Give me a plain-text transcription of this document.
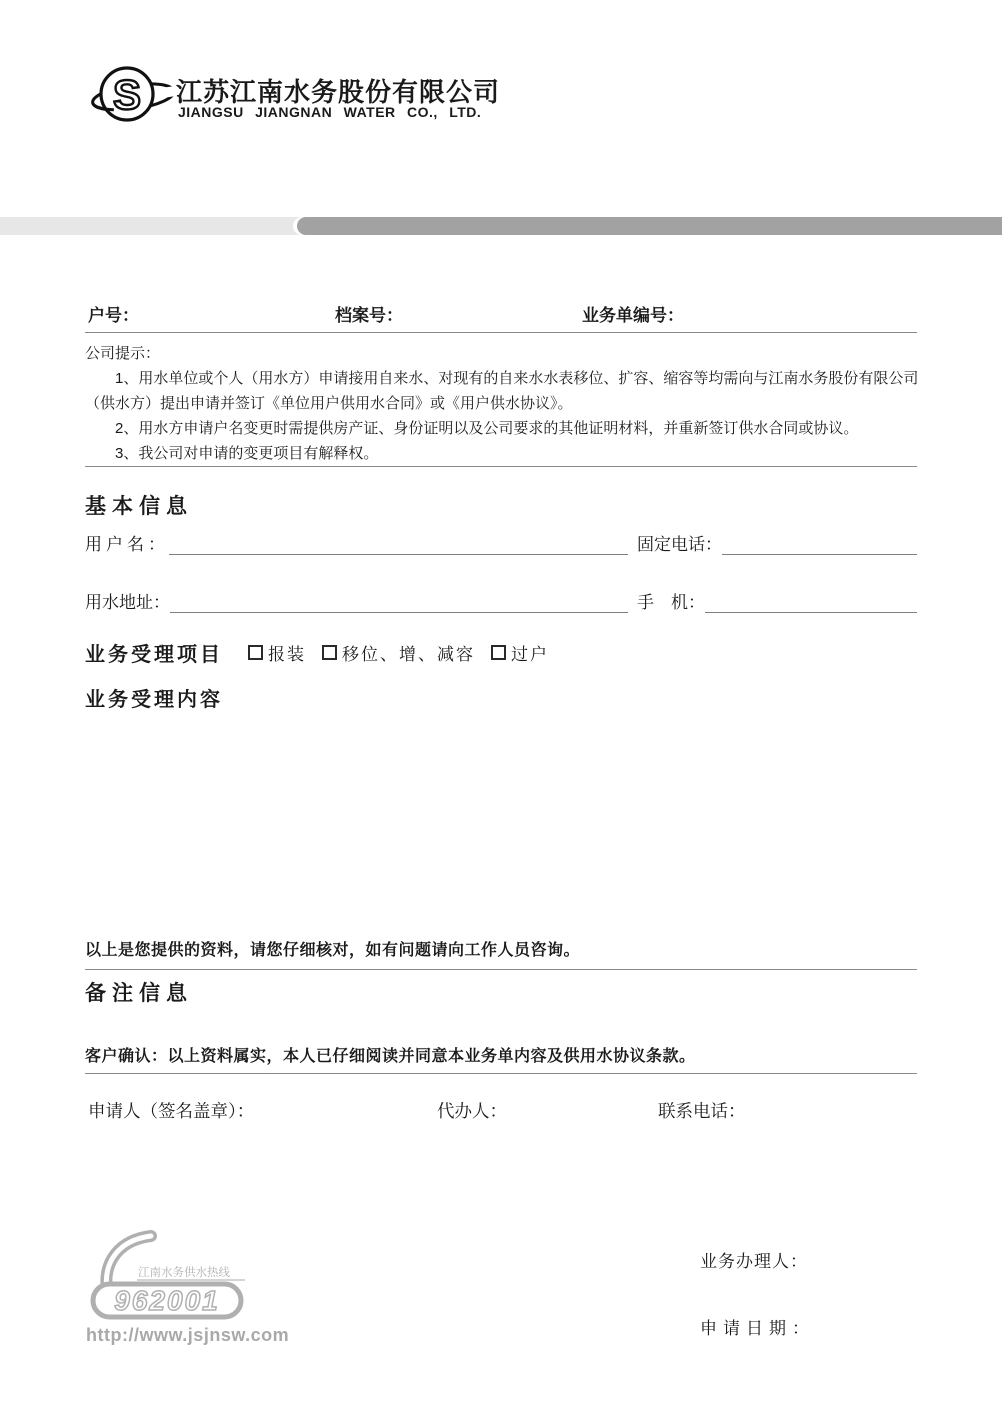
S 江苏江南水务股份有限公司
JIANGSU JIANGNAN WATER CO., LTD.
户号：	档案号：	业务单编号：

公司提示：

1、用水单位或个人（用水方）申请接用自来水、对现有的自来水水表移位、扩容、缩容等均需向与江南水务股份有限公司（供水方）提出申请并签订《单位用户供用水合同》或《用户供水协议》。

2、用水方申请户名变更时需提供房产证、身份证明以及公司要求的其他证明材料，并重新签订供水合同或协议。

3、我公司对申请的变更项目有解释权。

基本信息
用户名：	固定电话：
用水地址：	手　机：
业务受理项目	报装 移位、增、减容 过户
业务受理内容
以上是您提供的资料，请您仔细核对，如有问题请向工作人员咨询。
备注信息
客户确认：以上资料属实，本人已仔细阅读并同意本业务单内容及供用水协议条款。
申请人（签名盖章）：	代办人：	联系电话：
江南水务供水热线
962001
http://www.jsjnsw.com
业务办理人：
申请日期：
